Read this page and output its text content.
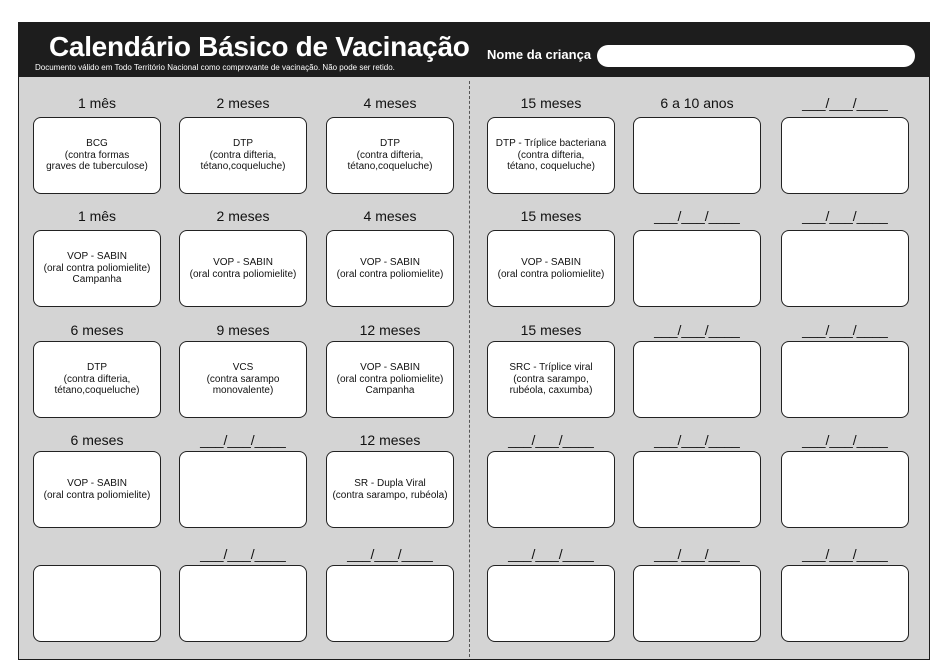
Calendário Básico de Vacinação
Documento válido em Todo Território Nacional como comprovante de vacinação. Não pode ser retido.
Nome da criança
1 mês
BCG
(contra formas
graves de tuberculose)
2 meses
DTP
(contra difteria,
tétano,coqueluche)
4 meses
DTP
(contra difteria,
tétano,coqueluche)
1 mês
VOP - SABIN
(oral contra poliomielite)
Campanha
2 meses
VOP - SABIN
(oral contra poliomielite)
4 meses
VOP - SABIN
(oral contra poliomielite)
6 meses
DTP
(contra difteria,
tétano,coqueluche)
9 meses
VCS
(contra sarampo
monovalente)
12 meses
VOP - SABIN
(oral contra poliomielite)
Campanha
6 meses
VOP - SABIN
(oral contra poliomielite)
___/___/____	12 meses
SR - Dupla Viral
(contra sarampo, rubéola)
___/___/____	___/___/____
15 meses
DTP - Tríplice bacteriana
(contra difteria,
tétano, coqueluche)
6 a 10 anos	___/___/____
15 meses
VOP - SABIN
(oral contra poliomielite)
___/___/____	___/___/____
15 meses
SRC - Tríplice viral
(contra sarampo,
rubéola, caxumba)
___/___/____	___/___/____
___/___/____	___/___/____	___/___/____
___/___/____	___/___/____	___/___/____
